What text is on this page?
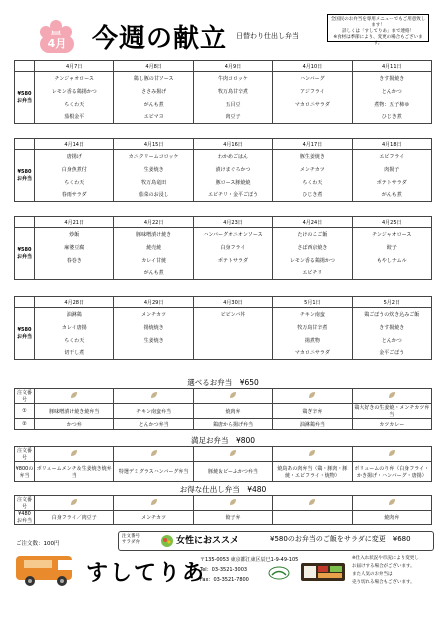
4月 今週の献立 日替わり仕出し弁当
全国民のお弁当を専用メニューでもご用意致します！
詳しくは「すしてりあ」まで連絡！
※食材は季節により、変更の場合もございます。
	4月7日	4月8日	4月9日	4月10日	4月11日
¥580
お弁当	チンジャオロース	鶏し豚の甘ソース	牛肉コロッケ	ハンバーグ	きす揚焼き
	レモン香る鶏揚かつ	ささみ揚げ	牧万鳥甘辛煮	アジフライ	とんかつ
	ちくわ天	がんも煮	五目豆	マカロニサラダ	煮物：五子柿ゆ
	茄根金平	エビマヨ	肉豆子		ひじき煮
	4月14日	4月15日	4月16日	4月17日	4月18日
¥580
お弁当	唐揚げ	カニクリームコロッケ	わかめごはん	豚生姜焼き	エビフライ
	白身魚煮付	生姜焼き	漬けまぐろかつ	メンチカツ	肉揚子
	ちくわ天	牧万鳥竜田	豚ロース豚焼焼	ちくわ天	ポテトサラダ
	春雨サラダ	茄菜のお浸し	エビチリ・金平ごぼう	ひじき煮	がんも煮
	4月21日	4月22日	4月23日	4月24日	4月25日
¥580
お弁当	炒飯	豚味噌漬け焼き	ハンバーグオニオンソース	たけのこご飯	チンジャオロース
	麻婆豆腐	焼売焼	白身フライ	さば西京焼き	餃子
	春巻き	カレイ甘焼	ポテトサラダ	レモン香る鶏揚かつ	もやしナムル
		がんも煮		エビチリ	
	4月28日	4月29日	4月30日	5月1日	5月2日
¥580
お弁当	油淋鶏	メンチカツ	ビビンバ丼	チキン南蛮	鶏ごぼうの炊き込みご飯
	カレイ唐揚	揚焼焼き		牧万鳥甘辛煮	きす揚焼き
	ちくわ天	生姜焼き		揚煮物	とんかつ
	切干し煮			マカロニサラダ	金平ごぼう
選べるお弁当　¥650
注文番号					
①	豚味噌漬け焼き焼弁当	チキン南蛮弁当	焼肉弁	鶏ぎ辛弁	鶏大好きの生姜焼・メンチカツ弁当
②	かつ弁	とんかつ弁当	鶏唐から揚げ弁当	油淋鶏弁当	カツカレー
満足お弁当　¥800
注文番号					
¥800の
弁当	ボリュームメンチ＆生姜焼き焼弁当	特選デミグラスハンバーグ弁当	豚焼＆ビーふかつ弁当	焼鳥あの肉弁当（鶏・豚肉・豚焼・エビフライ・焼物）	ボリュームのり弁（白身フライ・かき揚げ・ハンバーグ・唐揚）
お得な仕出し弁当　¥480
注文番号					
¥480
お弁当	白身フライ／肉豆子	メンチカツ	餃子弁		焼肉弁
注文番号
サラダ弁	女性におススメ	¥580のお弁当のご飯をサラダに変更　¥680
ご注文数：100円
すしてりあ
〒135-0053 東京都江東区辰巳1-9-49-105
Tel：03-3521-3003
Fax：03-3521-7800
※仕入れ状況や市況により変更し
お届けする場合がございます。
また人気のお弁当は
売り切れる場合もございます。
